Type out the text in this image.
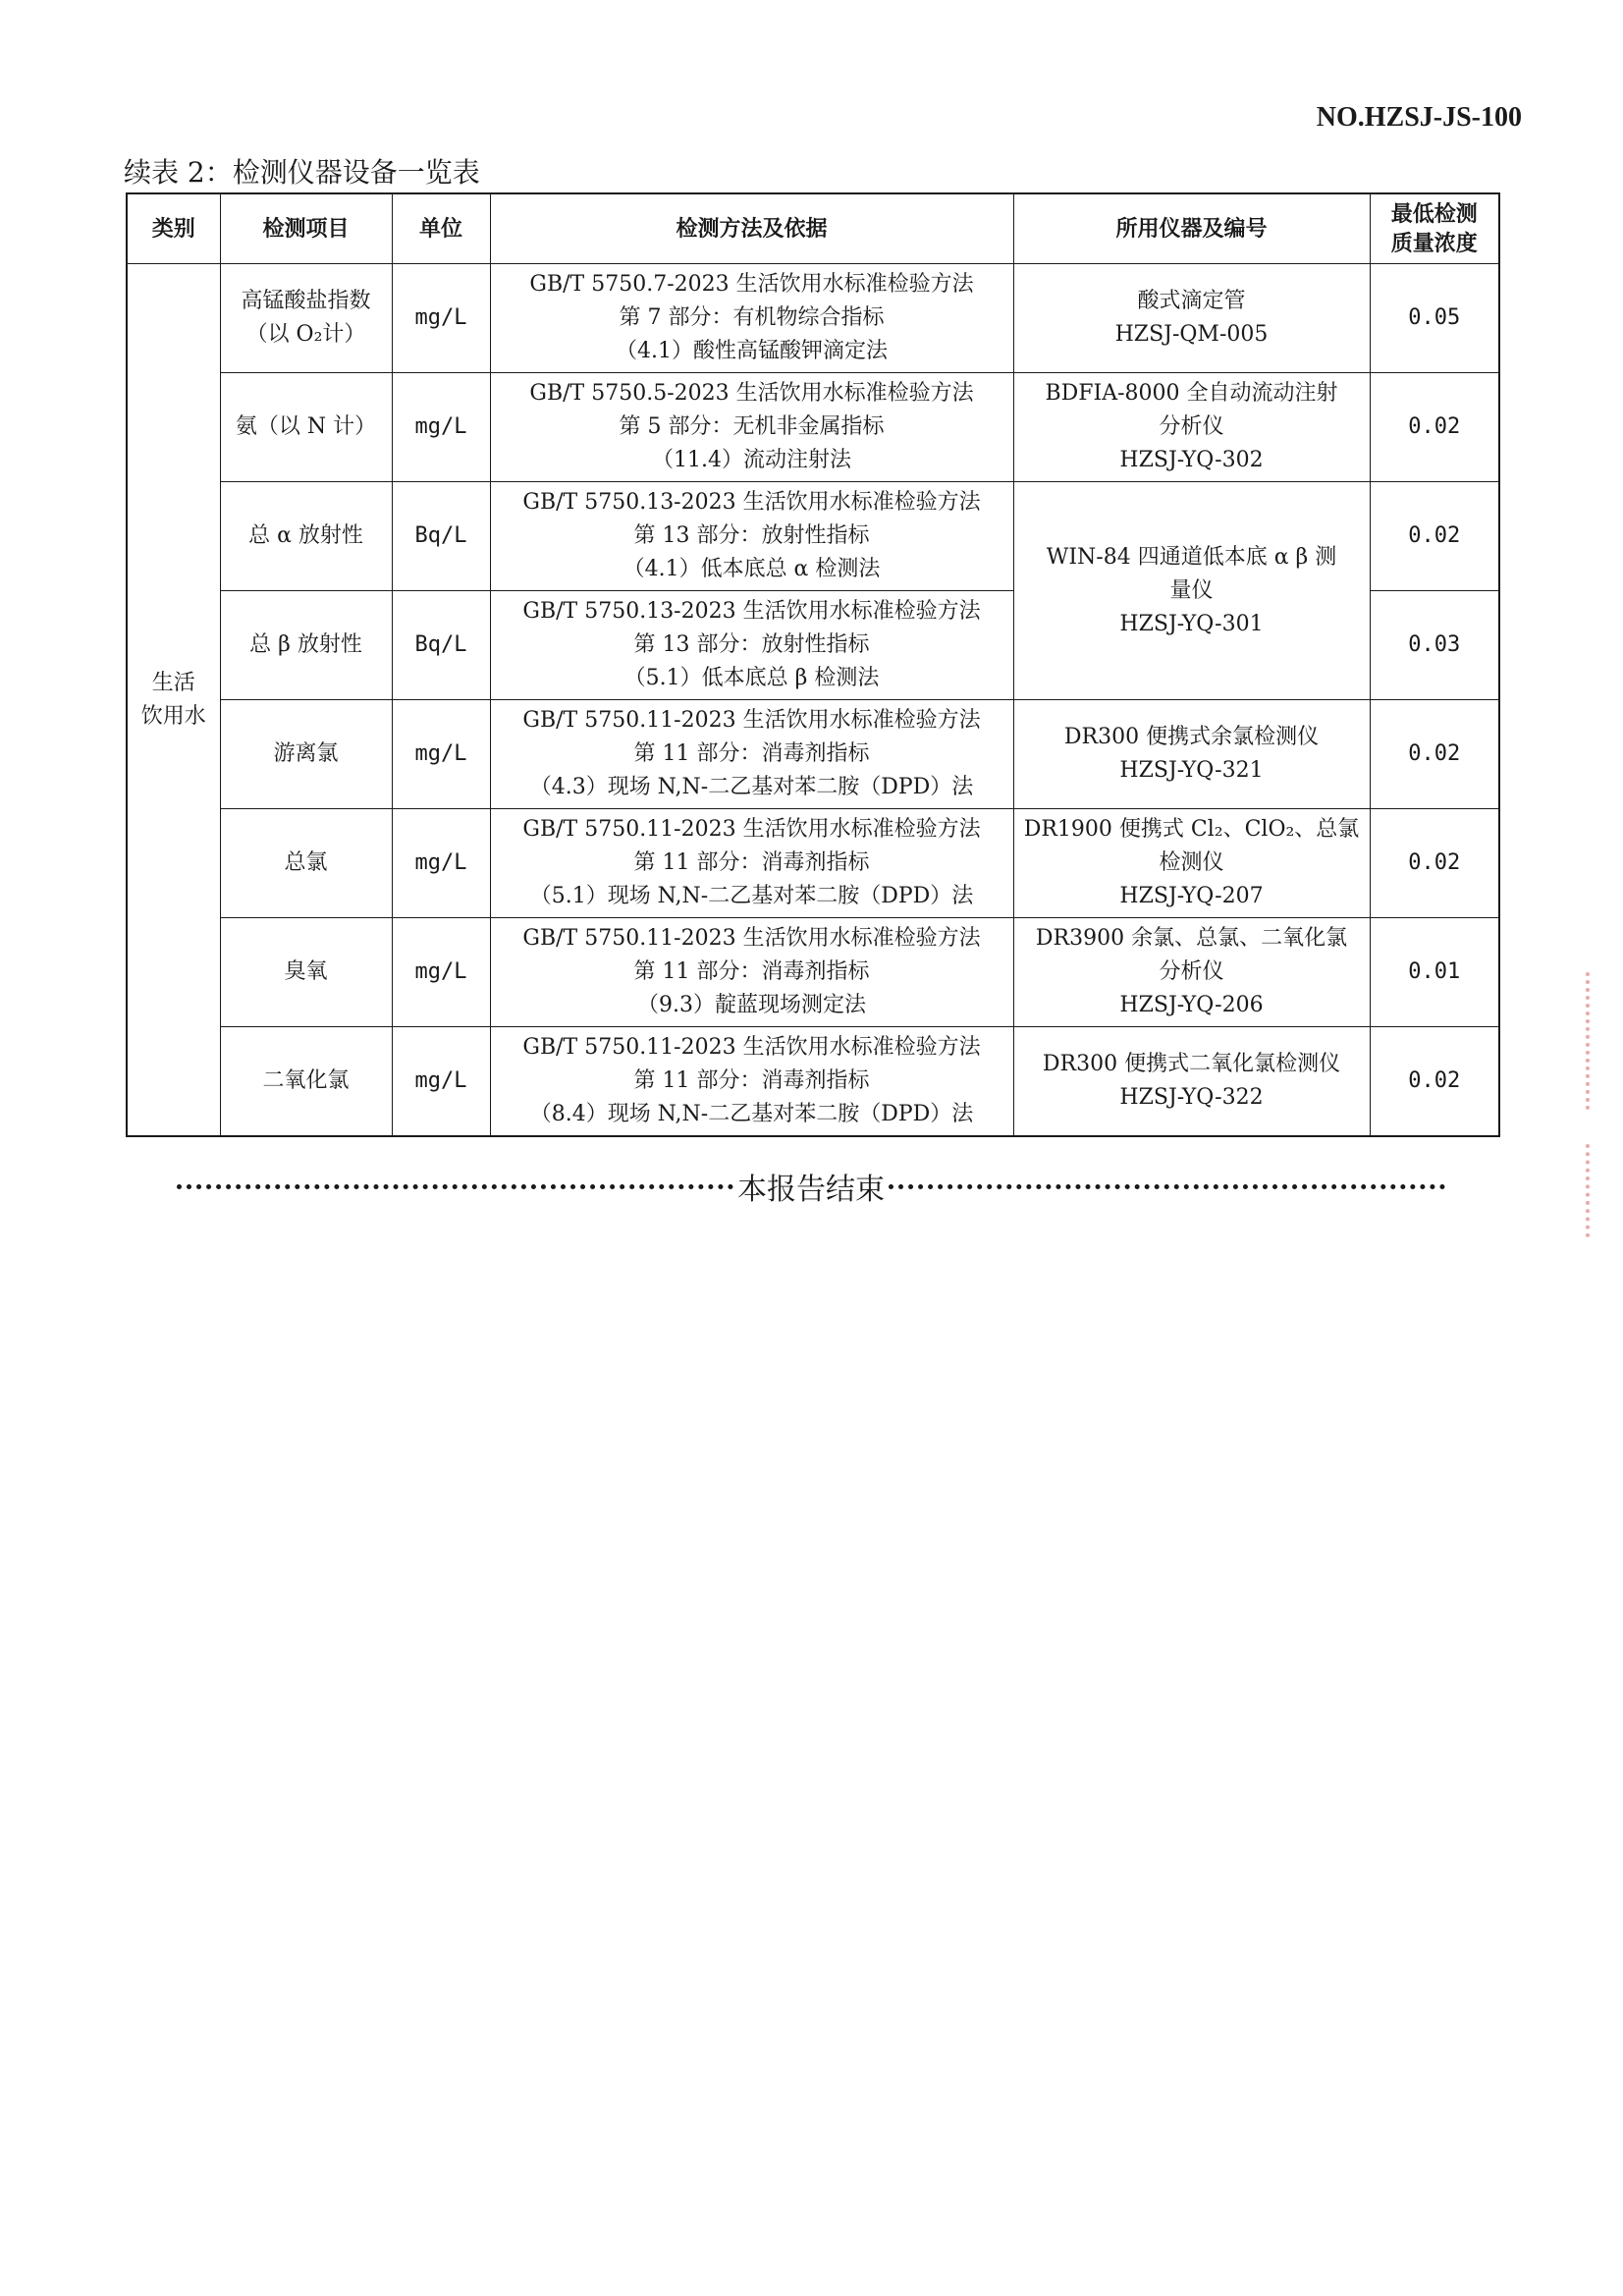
NO.HZSJ-JS-100
续表 2：检测仪器设备一览表
类别	检测项目	单位	检测方法及依据	所用仪器及编号	最低检测
质量浓度

生活
饮用水	高锰酸盐指数
（以 O₂计）	mg/L	GB/T 5750.7-2023 生活饮用水标准检验方法
第 7 部分：有机物综合指标
（4.1）酸性高锰酸钾滴定法	酸式滴定管
HZSJ-QM-005	0.05

	氨（以 N 计）	mg/L	GB/T 5750.5-2023 生活饮用水标准检验方法
第 5 部分：无机非金属指标
（11.4）流动注射法	BDFIA-8000 全自动流动注射
分析仪
HZSJ-YQ-302	0.02

	总 α 放射性	Bq/L	GB/T 5750.13-2023 生活饮用水标准检验方法
第 13 部分：放射性指标
（4.1）低本底总 α 检测法	WIN-84 四通道低本底 α β 测
量仪
HZSJ-YQ-301	0.02

	总 β 放射性	Bq/L	GB/T 5750.13-2023 生活饮用水标准检验方法
第 13 部分：放射性指标
（5.1）低本底总 β 检测法		0.03

	游离氯	mg/L	GB/T 5750.11-2023 生活饮用水标准检验方法
第 11 部分：消毒剂指标
（4.3）现场 N,N-二乙基对苯二胺（DPD）法	DR300 便携式余氯检测仪
HZSJ-YQ-321	0.02

	总氯	mg/L	GB/T 5750.11-2023 生活饮用水标准检验方法
第 11 部分：消毒剂指标
（5.1）现场 N,N-二乙基对苯二胺（DPD）法	DR1900 便携式 Cl₂、ClO₂、总氯
检测仪
HZSJ-YQ-207	0.02

	臭氧	mg/L	GB/T 5750.11-2023 生活饮用水标准检验方法
第 11 部分：消毒剂指标
（9.3）靛蓝现场测定法	DR3900 余氯、总氯、二氧化氯
分析仪
HZSJ-YQ-206	0.01

	二氧化氯	mg/L	GB/T 5750.11-2023 生活饮用水标准检验方法
第 11 部分：消毒剂指标
（8.4）现场 N,N-二乙基对苯二胺（DPD）法	DR300 便携式二氧化氯检测仪
HZSJ-YQ-322	0.02
本报告结束
